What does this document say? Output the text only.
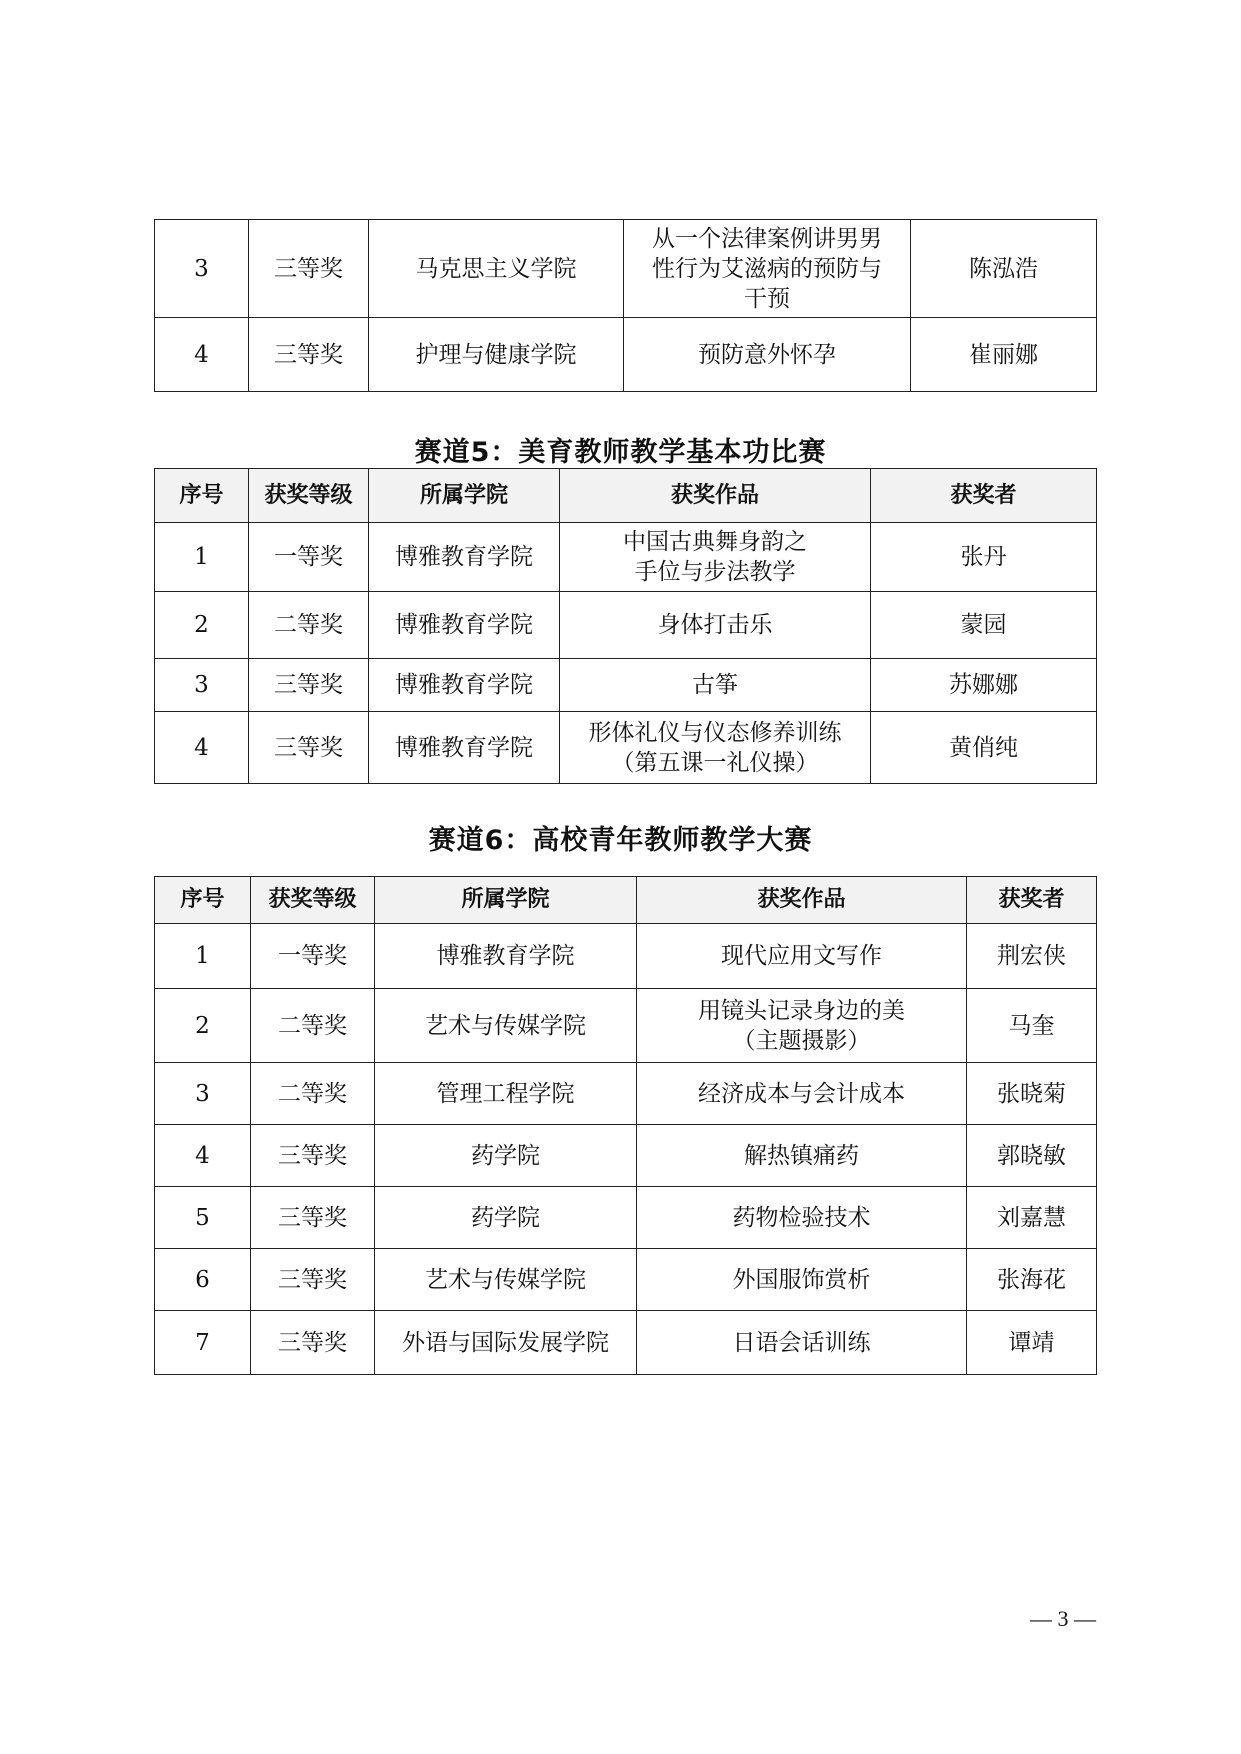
3	三等奖	马克思主义学院	从一个法律案例讲男男
性行为艾滋病的预防与
干预	陈泓浩
4	三等奖	护理与健康学院	预防意外怀孕	崔丽娜
赛道5：美育教师教学基本功比赛
序号	获奖等级	所属学院	获奖作品	获奖者
1	一等奖	博雅教育学院	中国古典舞身韵之
手位与步法教学	张丹
2	二等奖	博雅教育学院	身体打击乐	蒙园
3	三等奖	博雅教育学院	古筝	苏娜娜
4	三等奖	博雅教育学院	形体礼仪与仪态修养训练
（第五课一礼仪操）	黄俏纯
赛道6：高校青年教师教学大赛
序号	获奖等级	所属学院	获奖作品	获奖者
1	一等奖	博雅教育学院	现代应用文写作	荆宏侠
2	二等奖	艺术与传媒学院	用镜头记录身边的美
（主题摄影）	马奎
3	二等奖	管理工程学院	经济成本与会计成本	张晓菊
4	三等奖	药学院	解热镇痛药	郭晓敏
5	三等奖	药学院	药物检验技术	刘嘉慧
6	三等奖	艺术与传媒学院	外国服饰赏析	张海花
7	三等奖	外语与国际发展学院	日语会话训练	谭靖
— 3 —
